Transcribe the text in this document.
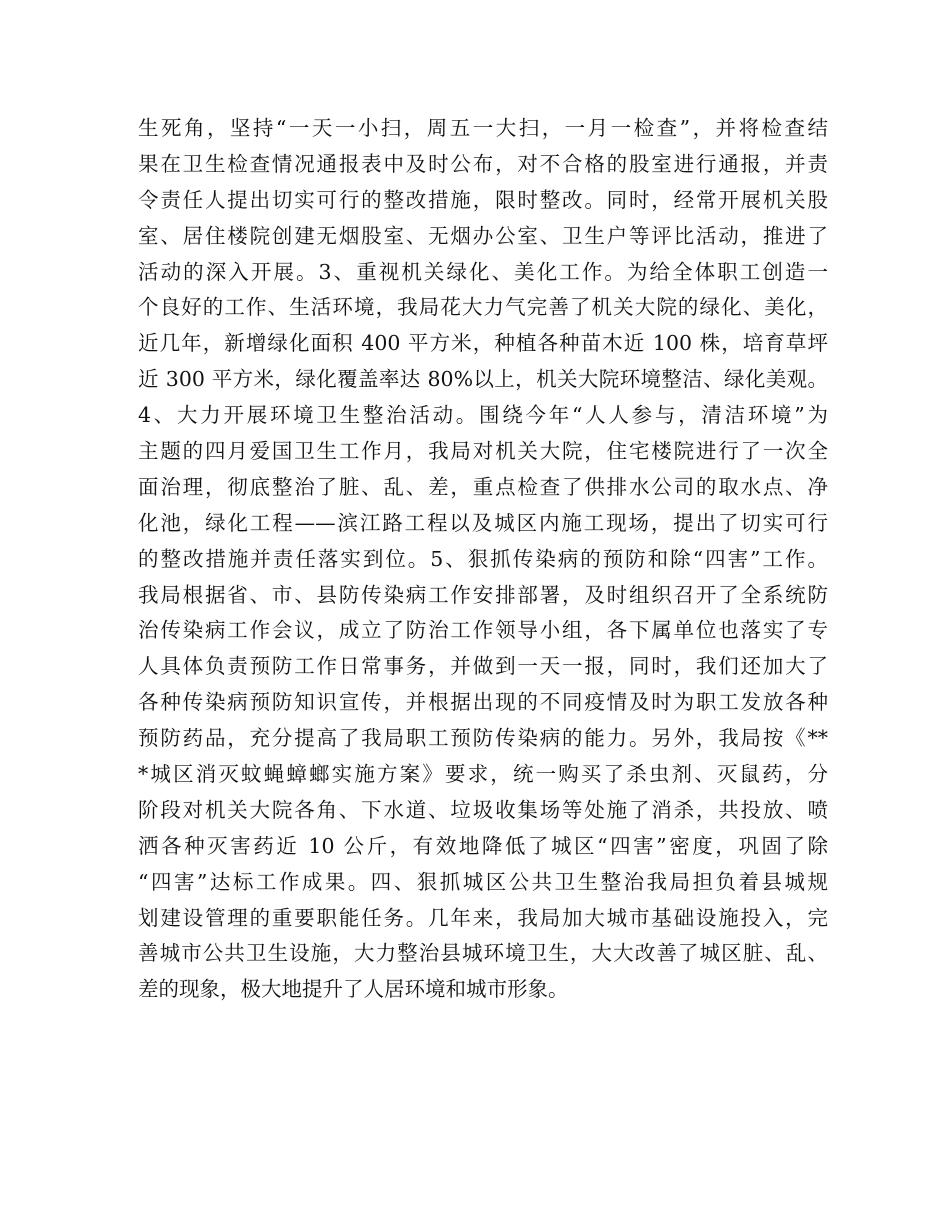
生死角，坚持“一天一小扫，周五一大扫，一月一检查”，并将检查结
果在卫生检查情况通报表中及时公布，对不合格的股室进行通报，并责
令责任人提出切实可行的整改措施，限时整改。同时，经常开展机关股
室、居住楼院创建无烟股室、无烟办公室、卫生户等评比活动，推进了
活动的深入开展。3、重视机关绿化、美化工作。为给全体职工创造一
个良好的工作、生活环境，我局花大力气完善了机关大院的绿化、美化，
近几年，新增绿化面积 400 平方米，种植各种苗木近 100 株，培育草坪
近 300 平方米，绿化覆盖率达 80%以上，机关大院环境整洁、绿化美观。
4、大力开展环境卫生整治活动。围绕今年“人人参与，清洁环境”为
主题的四月爱国卫生工作月，我局对机关大院，住宅楼院进行了一次全
面治理，彻底整治了脏、乱、差，重点检查了供排水公司的取水点、净
化池，绿化工程——滨江路工程以及城区内施工现场，提出了切实可行
的整改措施并责任落实到位。5、狠抓传染病的预防和除“四害”工作。
我局根据省、市、县防传染病工作安排部署，及时组织召开了全系统防
治传染病工作会议，成立了防治工作领导小组，各下属单位也落实了专
人具体负责预防工作日常事务，并做到一天一报，同时，我们还加大了
各种传染病预防知识宣传，并根据出现的不同疫情及时为职工发放各种
预防药品，充分提高了我局职工预防传染病的能力。另外，我局按《**
*城区消灭蚊蝇蟑螂实施方案》要求，统一购买了杀虫剂、灭鼠药，分
阶段对机关大院各角、下水道、垃圾收集场等处施了消杀，共投放、喷
洒各种灭害药近 10 公斤，有效地降低了城区“四害”密度，巩固了除
“四害”达标工作成果。四、狠抓城区公共卫生整治我局担负着县城规
划建设管理的重要职能任务。几年来，我局加大城市基础设施投入，完
善城市公共卫生设施，大力整治县城环境卫生，大大改善了城区脏、乱、
差的现象，极大地提升了人居环境和城市形象。
